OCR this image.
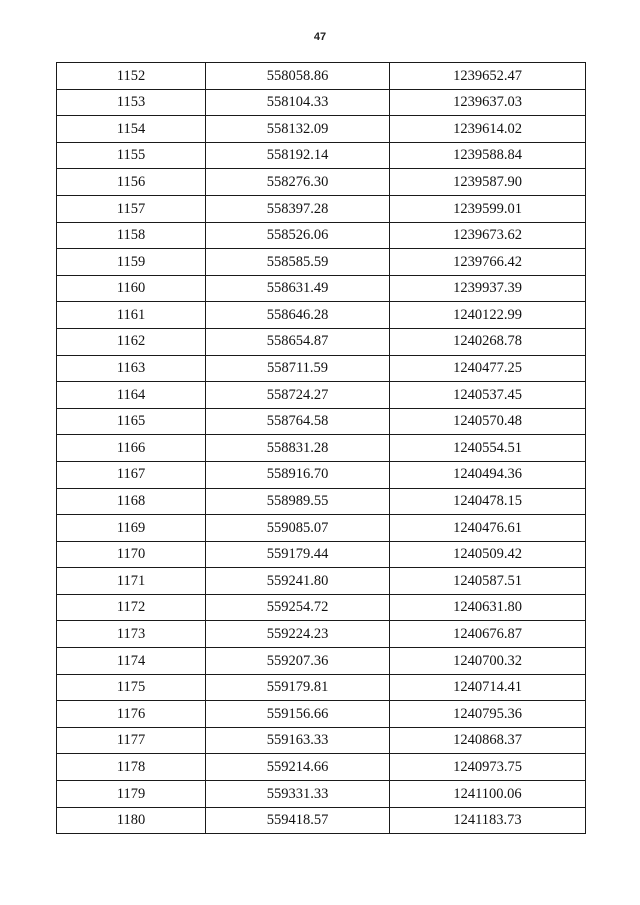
47
1152	558058.86	1239652.47
1153	558104.33	1239637.03
1154	558132.09	1239614.02
1155	558192.14	1239588.84
1156	558276.30	1239587.90
1157	558397.28	1239599.01
1158	558526.06	1239673.62
1159	558585.59	1239766.42
1160	558631.49	1239937.39
1161	558646.28	1240122.99
1162	558654.87	1240268.78
1163	558711.59	1240477.25
1164	558724.27	1240537.45
1165	558764.58	1240570.48
1166	558831.28	1240554.51
1167	558916.70	1240494.36
1168	558989.55	1240478.15
1169	559085.07	1240476.61
1170	559179.44	1240509.42
1171	559241.80	1240587.51
1172	559254.72	1240631.80
1173	559224.23	1240676.87
1174	559207.36	1240700.32
1175	559179.81	1240714.41
1176	559156.66	1240795.36
1177	559163.33	1240868.37
1178	559214.66	1240973.75
1179	559331.33	1241100.06
1180	559418.57	1241183.73
